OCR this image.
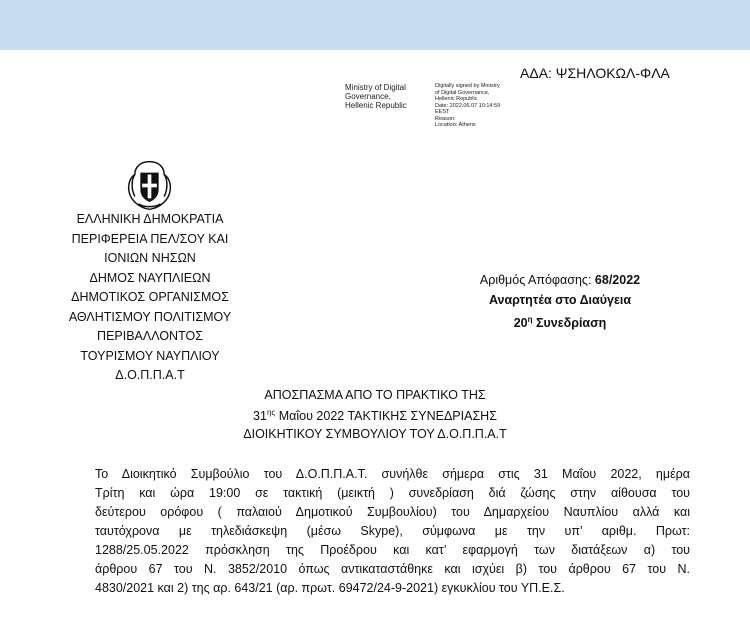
ΑΔΑ: ΨΣΗΛΟΚΩΛ-ΦΛΑ
Ministry of Digital
Governance,
Hellenic Republic
Digitally signed by Ministry
of Digital Governance,
Hellenic Republic
Date: 2022.06.07 10:14:59
EEST
Reason:
Location: Athens
ΕΛΛΗΝΙΚΗ ΔΗΜΟΚΡΑΤΙΑ
ΠΕΡΙΦΕΡΕΙΑ ΠΕΛ/ΣΟΥ ΚΑΙ
ΙΟΝΙΩΝ ΝΗΣΩΝ
ΔΗΜΟΣ ΝΑΥΠΛΙΕΩΝ
ΔΗΜΟΤΙΚΟΣ ΟΡΓΑΝΙΣΜΟΣ
ΑΘΛΗΤΙΣΜΟΥ ΠΟΛΙΤΙΣΜΟΥ
ΠΕΡΙΒΑΛΛΟΝΤΟΣ
ΤΟΥΡΙΣΜΟΥ ΝΑΥΠΛΙΟΥ
Δ.Ο.Π.Π.Α.Τ
Αριθμός Απόφασης: 68/2022
Αναρτητέα στο Διαύγεια
$20^\eta$ Συνεδρίαση
ΑΠΟΣΠΑΣΜΑ ΑΠΟ ΤΟ ΠΡΑΚΤΙΚΟ ΤΗΣ
$31^{\eta\varsigma}$ Μαΐου 2022 ΤΑΚΤΙΚΗΣ ΣΥΝΕΔΡΙΑΣΗΣ
ΔΙΟΙΚΗΤΙΚΟΥ ΣΥΜΒΟΥΛΙΟΥ ΤΟΥ Δ.Ο.Π.Π.Α.Τ
Το Διοικητικό Συμβούλιο του Δ.Ο.Π.Π.Α.Τ. συνήλθε σήμερα στις 31 Μαΐου 2022, ημέρα
Τρίτη και ώρα 19:00 σε τακτική (μεικτή ) συνεδρίαση διά ζώσης στην αίθουσα του
δεύτερου ορόφου ( παλαιού Δημοτικού Συμβουλίου) του Δημαρχείου Ναυπλίου αλλά και
ταυτόχρονα με τηλεδιάσκεψη (μέσω Skype), σύμφωνα με την υπ’ αριθμ. Πρωτ:
1288/25.05.2022 πρόσκληση της Προέδρου και κατ’ εφαρμογή των διατάξεων α) του
άρθρου 67 του Ν. 3852/2010 όπως αντικαταστάθηκε και ισχύει β) του άρθρου 67 του Ν.
4830/2021 και 2) της αρ. 643/21 (αρ. πρωτ. 69472/24-9-2021) εγκυκλίου του ΥΠ.Ε.Σ.
